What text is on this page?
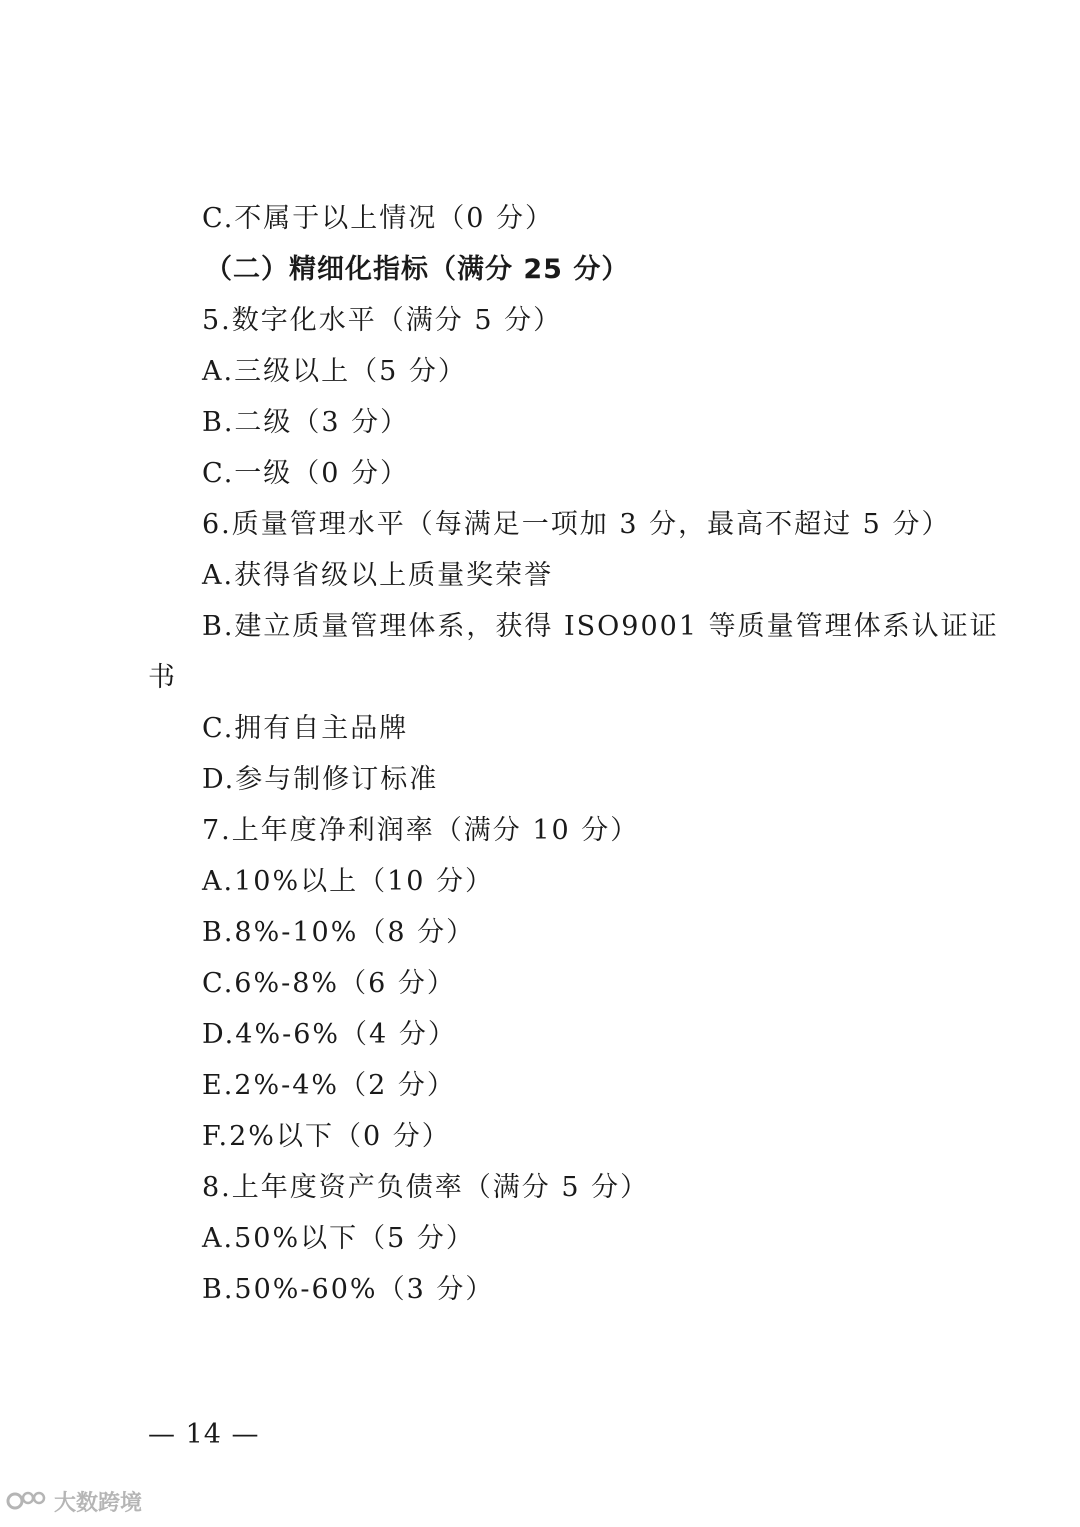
C.不属于以上情况（0 分）
（二）精细化指标（满分 25 分）
5.数字化水平（满分 5 分）
A.三级以上（5 分）
B.二级（3 分）
C.一级（0 分）
6.质量管理水平（每满足一项加 3 分，最高不超过 5 分）
A.获得省级以上质量奖荣誉
B.建立质量管理体系，获得 ISO9001 等质量管理体系认证证
书
C.拥有自主品牌
D.参与制修订标准
7.上年度净利润率（满分 10 分）
A.10%以上（10 分）
B.8%-10%（8 分）
C.6%-8%（6 分）
D.4%-6%（4 分）
E.2%-4%（2 分）
F.2%以下（0 分）
8.上年度资产负债率（满分 5 分）
A.50%以下（5 分）
B.50%-60%（3 分）
— 14 —
大数跨境
